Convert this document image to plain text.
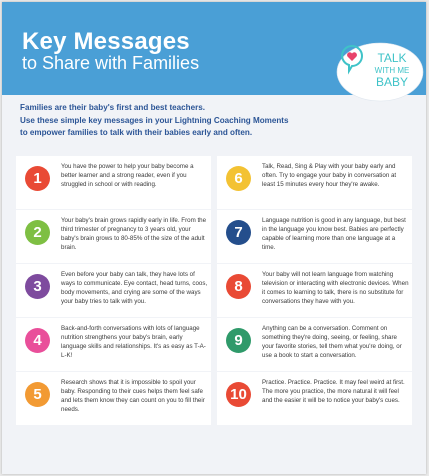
Key Messages
to Share with Families	TALK
WITH ME
BABY
Families are their baby's first and best teachers.
Use these simple key messages in your Lightning Coaching Moments
to empower families to talk with their babies early and often.
1
You have the power to help your baby become a better learner and a strong reader, even if you struggled in school or with reading.
2
Your baby's brain grows rapidly early in life. From the third trimester of pregnancy to 3 years old, your baby's brain grows to 80-85% of the size of the adult brain.
3
Even before your baby can talk, they have lots of ways to communicate. Eye contact, head turns, coos, body movements, and crying are some of the ways your baby tries to talk with you.
4
Back-and-forth conversations with lots of language nutrition strengthens your baby's brain, early language skills and relationships. It's as easy as T-A-L-K!
5
Research shows that it is impossible to spoil your baby. Responding to their cues helps them feel safe and lets them know they can count on you to fill their needs.
6
Talk, Read, Sing & Play with your baby early and often. Try to engage your baby in conversation at least 15 minutes every hour they're awake.
7
Language nutrition is good in any language, but best in the language you know best. Babies are perfectly capable of learning more than one language at a time.
8
Your baby will not learn language from watching television or interacting with electronic devices. When it comes to learning to talk, there is no substitute for conversations they have with you.
9
Anything can be a conversation. Comment on something they're doing, seeing, or feeling, share your favorite stories, tell them what you're doing, or use a book to start a conversation.
10
Practice. Practice. Practice. It may feel weird at first. The more you practice, the more natural it will feel and the easier it will be to notice your baby's cues.
